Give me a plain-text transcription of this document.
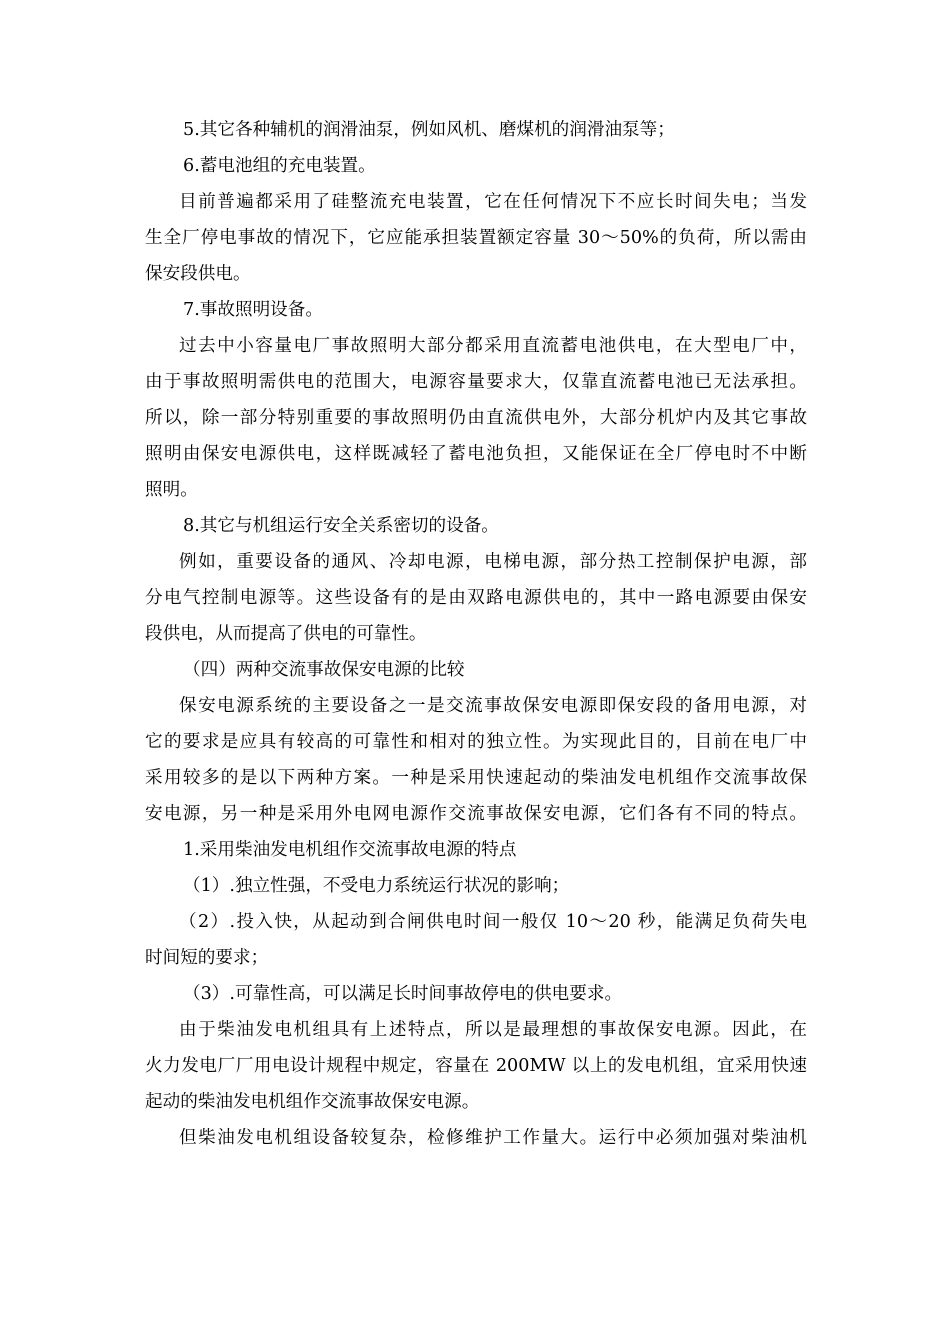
5.其它各种辅机的润滑油泵，例如风机、磨煤机的润滑油泵等；
6.蓄电池组的充电装置。
目前普遍都采用了硅整流充电装置，它在任何情况下不应长时间失电；当发
生全厂停电事故的情况下，它应能承担装置额定容量 30～50%的负荷，所以需由
保安段供电。
7.事故照明设备。
过去中小容量电厂事故照明大部分都采用直流蓄电池供电，在大型电厂中，
由于事故照明需供电的范围大，电源容量要求大，仅靠直流蓄电池已无法承担。
所以，除一部分特别重要的事故照明仍由直流供电外，大部分机炉内及其它事故
照明由保安电源供电，这样既减轻了蓄电池负担，又能保证在全厂停电时不中断
照明。
8.其它与机组运行安全关系密切的设备。
例如，重要设备的通风、冷却电源，电梯电源，部分热工控制保护电源，部
分电气控制电源等。这些设备有的是由双路电源供电的，其中一路电源要由保安
段供电，从而提高了供电的可靠性。
（四）两种交流事故保安电源的比较
保安电源系统的主要设备之一是交流事故保安电源即保安段的备用电源，对
它的要求是应具有较高的可靠性和相对的独立性。为实现此目的，目前在电厂中
采用较多的是以下两种方案。一种是采用快速起动的柴油发电机组作交流事故保
安电源，另一种是采用外电网电源作交流事故保安电源，它们各有不同的特点。
1.采用柴油发电机组作交流事故电源的特点
（1）.独立性强，不受电力系统运行状况的影响；
（2）.投入快，从起动到合闸供电时间一般仅 10～20 秒，能满足负荷失电
时间短的要求；
（3）.可靠性高，可以满足长时间事故停电的供电要求。
由于柴油发电机组具有上述特点，所以是最理想的事故保安电源。因此，在
火力发电厂厂用电设计规程中规定，容量在 200MW 以上的发电机组，宜采用快速
起动的柴油发电机组作交流事故保安电源。
但柴油发电机组设备较复杂，检修维护工作量大。运行中必须加强对柴油机
